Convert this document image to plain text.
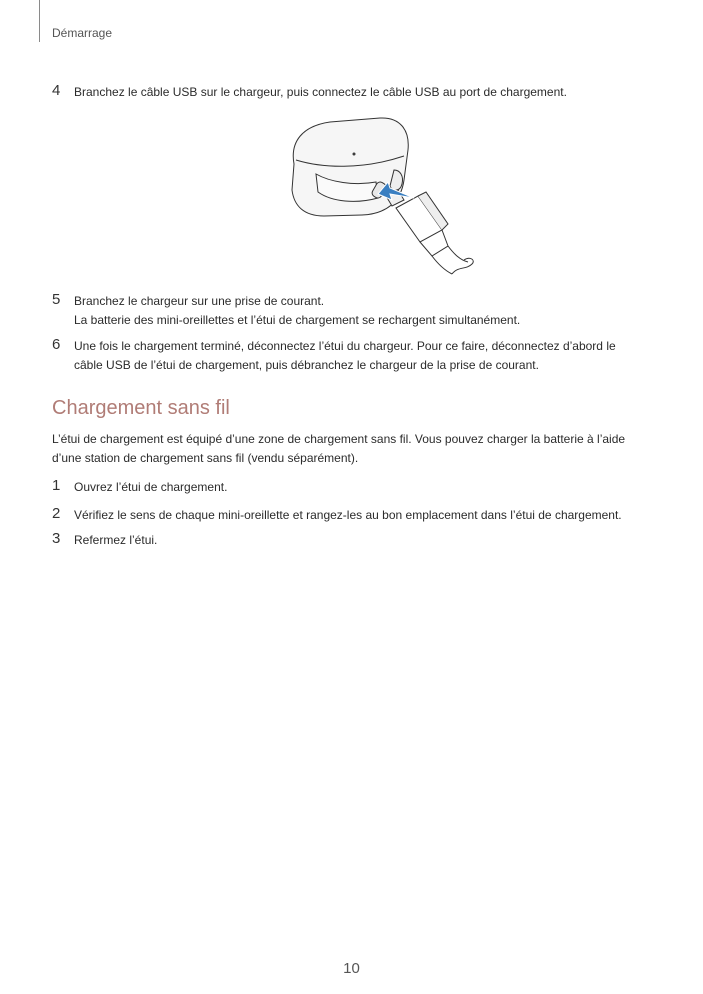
Démarrage
4 Branchez le câble USB sur le chargeur, puis connectez le câble USB au port de chargement.
5 Branchez le chargeur sur une prise de courant.
La batterie des mini-oreillettes et l’étui de chargement se rechargent simultanément.
6 Une fois le chargement terminé, déconnectez l’étui du chargeur. Pour ce faire, déconnectez d’abord le
câble USB de l’étui de chargement, puis débranchez le chargeur de la prise de courant.
Chargement sans fil
L’étui de chargement est équipé d’une zone de chargement sans fil. Vous pouvez charger la batterie à l’aide
d’une station de chargement sans fil (vendu séparément).
1 Ouvrez l’étui de chargement.
2 Vérifiez le sens de chaque mini-oreillette et rangez-les au bon emplacement dans l’étui de chargement.
3 Refermez l’étui.
10
